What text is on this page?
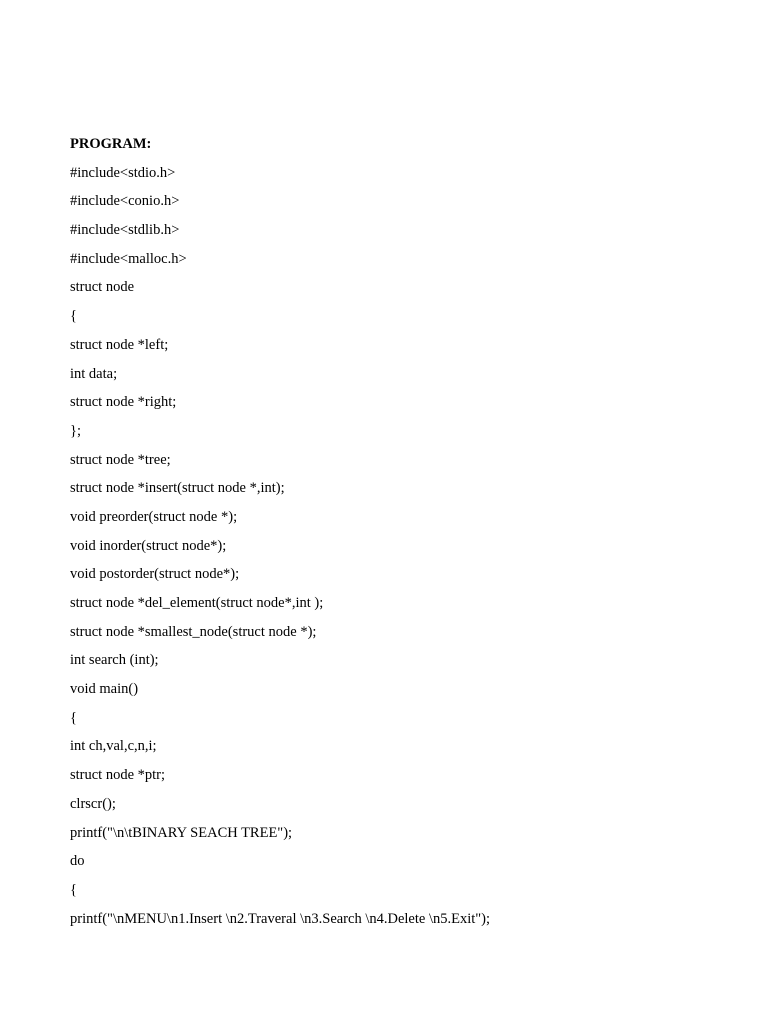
PROGRAM:
#include<stdio.h>
#include<conio.h>
#include<stdlib.h>
#include<malloc.h>
struct node
{
struct node *left;
int data;
struct node *right;
};
struct node *tree;
struct node *insert(struct node *,int);
void preorder(struct node *);
void inorder(struct node*);
void postorder(struct node*);
struct node *del_element(struct node*,int );
struct node *smallest_node(struct node *);
int search (int);
void main()
{
int ch,val,c,n,i;
struct node *ptr;
clrscr();
printf("\n\tBINARY SEACH TREE");
do
{
printf("\nMENU\n1.Insert \n2.Traveral \n3.Search \n4.Delete \n5.Exit");
